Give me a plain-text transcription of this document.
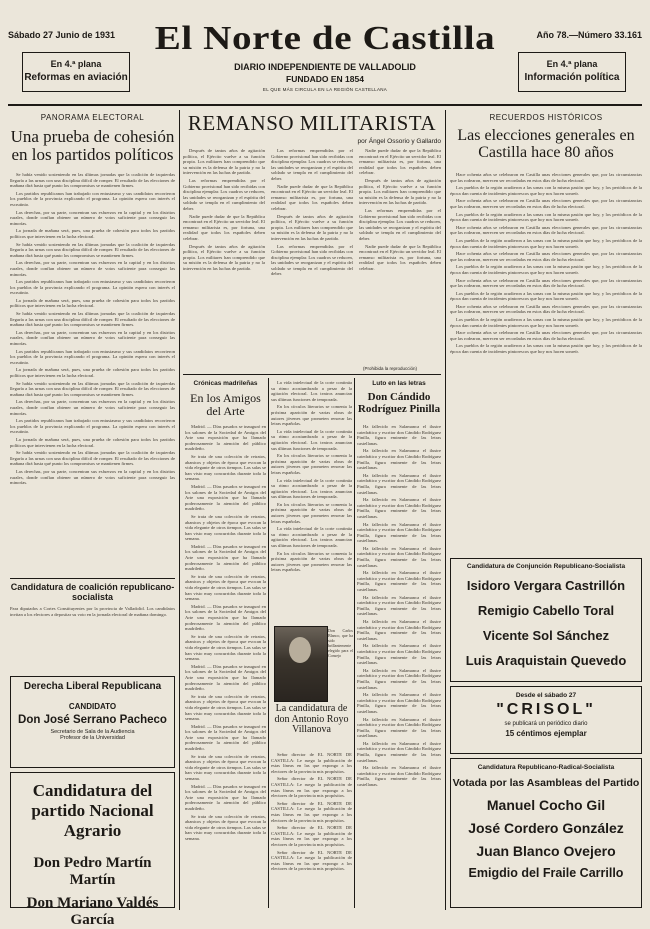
Sábado 27 Junio de 1931	Año 78.—Número 33.161
El Norte de Castilla
DIARIO INDEPENDIENTE DE VALLADOLID
FUNDADO EN 1854
EL QUE MÁS CIRCULA EN LA REGIÓN CASTELLANA
En 4.ª plana
Reformas en aviación
En 4.ª plana
Información política
PANORAMA ELECTORAL
Una prueba de cohesión en los partidos políticos

Se había venido sosteniendo en las últimas jornadas que la coalición de izquierdas llegaría a las urnas con una disciplina difícil de romper. El resultado de las elecciones de mañana dirá hasta qué punto los compromisos se mantienen firmes.

Los partidos republicanos han trabajado con entusiasmo y sus candidatos recorrieron los pueblos de la provincia explicando el programa. La opinión espera con interés el escrutinio.

Las derechas, por su parte, concentran sus esfuerzos en la capital y en los distritos rurales, donde confían obtener un número de votos suficiente para conseguir las minorías.

La jornada de mañana será, pues, una prueba de cohesión para todos los partidos políticos que intervienen en la lucha electoral.

Se había venido sosteniendo en las últimas jornadas que la coalición de izquierdas llegaría a las urnas con una disciplina difícil de romper. El resultado de las elecciones de mañana dirá hasta qué punto los compromisos se mantienen firmes.

Las derechas, por su parte, concentran sus esfuerzos en la capital y en los distritos rurales, donde confían obtener un número de votos suficiente para conseguir las minorías.

Los partidos republicanos han trabajado con entusiasmo y sus candidatos recorrieron los pueblos de la provincia explicando el programa. La opinión espera con interés el escrutinio.

La jornada de mañana será, pues, una prueba de cohesión para todos los partidos políticos que intervienen en la lucha electoral.

Se había venido sosteniendo en las últimas jornadas que la coalición de izquierdas llegaría a las urnas con una disciplina difícil de romper. El resultado de las elecciones de mañana dirá hasta qué punto los compromisos se mantienen firmes.

Las derechas, por su parte, concentran sus esfuerzos en la capital y en los distritos rurales, donde confían obtener un número de votos suficiente para conseguir las minorías.

Los partidos republicanos han trabajado con entusiasmo y sus candidatos recorrieron los pueblos de la provincia explicando el programa. La opinión espera con interés el escrutinio.

La jornada de mañana será, pues, una prueba de cohesión para todos los partidos políticos que intervienen en la lucha electoral.

Se había venido sosteniendo en las últimas jornadas que la coalición de izquierdas llegaría a las urnas con una disciplina difícil de romper. El resultado de las elecciones de mañana dirá hasta qué punto los compromisos se mantienen firmes.

Las derechas, por su parte, concentran sus esfuerzos en la capital y en los distritos rurales, donde confían obtener un número de votos suficiente para conseguir las minorías.

Los partidos republicanos han trabajado con entusiasmo y sus candidatos recorrieron los pueblos de la provincia explicando el programa. La opinión espera con interés el escrutinio.

La jornada de mañana será, pues, una prueba de cohesión para todos los partidos políticos que intervienen en la lucha electoral.

Se había venido sosteniendo en las últimas jornadas que la coalición de izquierdas llegaría a las urnas con una disciplina difícil de romper. El resultado de las elecciones de mañana dirá hasta qué punto los compromisos se mantienen firmes.

Las derechas, por su parte, concentran sus esfuerzos en la capital y en los distritos rurales, donde confían obtener un número de votos suficiente para conseguir las minorías.

Candidatura de coalición republicano-socialista
Para diputados a Cortes Constituyentes por la provincia de Valladolid. Los candidatos invitan a los electores a depositar su voto en la jornada electoral de mañana domingo.
Derecha Liberal Republicana
CANDIDATO
Don José Serrano Pacheco
Secretario de Sala de la Audiencia
Profesor de la Universidad
Candidatura del partido Nacional Agrario
Don Pedro Martín Martín
Don Mariano Valdés García
REMANSO MILITARISTA
por Ángel Ossorio y Gallardo

Después de tantos años de agitación política, el Ejército vuelve a su función propia. Los militares han comprendido que su misión es la defensa de la patria y no la intervención en las luchas de partido.

Las reformas emprendidas por el Gobierno provisional han sido recibidas con disciplina ejemplar. Los cuadros se reducen, las unidades se reorganizan y el espíritu del soldado se templa en el cumplimiento del deber.

Nadie puede dudar de que la República encontrará en el Ejército un servidor leal. El remanso militarista es, por fortuna, una realidad que todos los españoles deben celebrar.

Después de tantos años de agitación política, el Ejército vuelve a su función propia. Los militares han comprendido que su misión es la defensa de la patria y no la intervención en las luchas de partido.

Las reformas emprendidas por el Gobierno provisional han sido recibidas con disciplina ejemplar. Los cuadros se reducen, las unidades se reorganizan y el espíritu del soldado se templa en el cumplimiento del deber.

Nadie puede dudar de que la República encontrará en el Ejército un servidor leal. El remanso militarista es, por fortuna, una realidad que todos los españoles deben celebrar.

Después de tantos años de agitación política, el Ejército vuelve a su función propia. Los militares han comprendido que su misión es la defensa de la patria y no la intervención en las luchas de partido.

Las reformas emprendidas por el Gobierno provisional han sido recibidas con disciplina ejemplar. Los cuadros se reducen, las unidades se reorganizan y el espíritu del soldado se templa en el cumplimiento del deber.

Nadie puede dudar de que la República encontrará en el Ejército un servidor leal. El remanso militarista es, por fortuna, una realidad que todos los españoles deben celebrar.

Después de tantos años de agitación política, el Ejército vuelve a su función propia. Los militares han comprendido que su misión es la defensa de la patria y no la intervención en las luchas de partido.

Las reformas emprendidas por el Gobierno provisional han sido recibidas con disciplina ejemplar. Los cuadros se reducen, las unidades se reorganizan y el espíritu del soldado se templa en el cumplimiento del deber.

Nadie puede dudar de que la República encontrará en el Ejército un servidor leal. El remanso militarista es, por fortuna, una realidad que todos los españoles deben celebrar.

(Prohibida la reproducción)
Crónicas madrileñas
En los Amigos del Arte

Madrid. — Días pasados se inauguró en los salones de la Sociedad de Amigos del Arte una exposición que ha llamado poderosamente la atención del público madrileño.

Se trata de una colección de retratos, abanicos y objetos de época que evocan la vida elegante de otros tiempos. Las salas se han visto muy concurridas durante toda la semana.

Madrid. — Días pasados se inauguró en los salones de la Sociedad de Amigos del Arte una exposición que ha llamado poderosamente la atención del público madrileño.

Se trata de una colección de retratos, abanicos y objetos de época que evocan la vida elegante de otros tiempos. Las salas se han visto muy concurridas durante toda la semana.

Madrid. — Días pasados se inauguró en los salones de la Sociedad de Amigos del Arte una exposición que ha llamado poderosamente la atención del público madrileño.

Se trata de una colección de retratos, abanicos y objetos de época que evocan la vida elegante de otros tiempos. Las salas se han visto muy concurridas durante toda la semana.

Madrid. — Días pasados se inauguró en los salones de la Sociedad de Amigos del Arte una exposición que ha llamado poderosamente la atención del público madrileño.

Se trata de una colección de retratos, abanicos y objetos de época que evocan la vida elegante de otros tiempos. Las salas se han visto muy concurridas durante toda la semana.

Madrid. — Días pasados se inauguró en los salones de la Sociedad de Amigos del Arte una exposición que ha llamado poderosamente la atención del público madrileño.

Se trata de una colección de retratos, abanicos y objetos de época que evocan la vida elegante de otros tiempos. Las salas se han visto muy concurridas durante toda la semana.

Madrid. — Días pasados se inauguró en los salones de la Sociedad de Amigos del Arte una exposición que ha llamado poderosamente la atención del público madrileño.

Se trata de una colección de retratos, abanicos y objetos de época que evocan la vida elegante de otros tiempos. Las salas se han visto muy concurridas durante toda la semana.

Madrid. — Días pasados se inauguró en los salones de la Sociedad de Amigos del Arte una exposición que ha llamado poderosamente la atención del público madrileño.

Se trata de una colección de retratos, abanicos y objetos de época que evocan la vida elegante de otros tiempos. Las salas se han visto muy concurridas durante toda la semana.

La vida intelectual de la corte continúa su ritmo acostumbrado a pesar de la agitación electoral. Los teatros anuncian sus últimas funciones de temporada.

En los círculos literarios se comenta la próxima aparición de varias obras de autores jóvenes que prometen renovar las letras españolas.

La vida intelectual de la corte continúa su ritmo acostumbrado a pesar de la agitación electoral. Los teatros anuncian sus últimas funciones de temporada.

En los círculos literarios se comenta la próxima aparición de varias obras de autores jóvenes que prometen renovar las letras españolas.

La vida intelectual de la corte continúa su ritmo acostumbrado a pesar de la agitación electoral. Los teatros anuncian sus últimas funciones de temporada.

En los círculos literarios se comenta la próxima aparición de varias obras de autores jóvenes que prometen renovar las letras españolas.

La vida intelectual de la corte continúa su ritmo acostumbrado a pesar de la agitación electoral. Los teatros anuncian sus últimas funciones de temporada.

En los círculos literarios se comenta la próxima aparición de varias obras de autores jóvenes que prometen renovar las letras españolas.

Don Carlos Blanco, que ha sido brillantemente elegido para el Consejo
La candidatura de don Antonio Royo Villanova

Señor director de EL NORTE DE CASTILLA: Le ruego la publicación de estas líneas en las que expongo a los electores de la provincia mis propósitos.

Señor director de EL NORTE DE CASTILLA: Le ruego la publicación de estas líneas en las que expongo a los electores de la provincia mis propósitos.

Señor director de EL NORTE DE CASTILLA: Le ruego la publicación de estas líneas en las que expongo a los electores de la provincia mis propósitos.

Señor director de EL NORTE DE CASTILLA: Le ruego la publicación de estas líneas en las que expongo a los electores de la provincia mis propósitos.

Señor director de EL NORTE DE CASTILLA: Le ruego la publicación de estas líneas en las que expongo a los electores de la provincia mis propósitos.

Luto en las letras
Don Cándido Rodríguez Pinilla

Ha fallecido en Salamanca el ilustre catedrático y escritor don Cándido Rodríguez Pinilla, figura eminente de las letras castellanas.

Ha fallecido en Salamanca el ilustre catedrático y escritor don Cándido Rodríguez Pinilla, figura eminente de las letras castellanas.

Ha fallecido en Salamanca el ilustre catedrático y escritor don Cándido Rodríguez Pinilla, figura eminente de las letras castellanas.

Ha fallecido en Salamanca el ilustre catedrático y escritor don Cándido Rodríguez Pinilla, figura eminente de las letras castellanas.

Ha fallecido en Salamanca el ilustre catedrático y escritor don Cándido Rodríguez Pinilla, figura eminente de las letras castellanas.

Ha fallecido en Salamanca el ilustre catedrático y escritor don Cándido Rodríguez Pinilla, figura eminente de las letras castellanas.

Ha fallecido en Salamanca el ilustre catedrático y escritor don Cándido Rodríguez Pinilla, figura eminente de las letras castellanas.

Ha fallecido en Salamanca el ilustre catedrático y escritor don Cándido Rodríguez Pinilla, figura eminente de las letras castellanas.

Ha fallecido en Salamanca el ilustre catedrático y escritor don Cándido Rodríguez Pinilla, figura eminente de las letras castellanas.

Ha fallecido en Salamanca el ilustre catedrático y escritor don Cándido Rodríguez Pinilla, figura eminente de las letras castellanas.

Ha fallecido en Salamanca el ilustre catedrático y escritor don Cándido Rodríguez Pinilla, figura eminente de las letras castellanas.

Ha fallecido en Salamanca el ilustre catedrático y escritor don Cándido Rodríguez Pinilla, figura eminente de las letras castellanas.

Ha fallecido en Salamanca el ilustre catedrático y escritor don Cándido Rodríguez Pinilla, figura eminente de las letras castellanas.

Ha fallecido en Salamanca el ilustre catedrático y escritor don Cándido Rodríguez Pinilla, figura eminente de las letras castellanas.

Ha fallecido en Salamanca el ilustre catedrático y escritor don Cándido Rodríguez Pinilla, figura eminente de las letras castellanas.

RECUERDOS HISTÓRICOS
Las elecciones generales en Castilla hace 80 años

Hace ochenta años se celebraron en Castilla unas elecciones generales que, por las circunstancias que las rodearon, merecen ser recordadas en estos días de lucha electoral.

Los pueblos de la región acudieron a las urnas con la misma pasión que hoy, y los periódicos de la época dan cuenta de incidentes pintorescos que hoy nos hacen sonreír.

Hace ochenta años se celebraron en Castilla unas elecciones generales que, por las circunstancias que las rodearon, merecen ser recordadas en estos días de lucha electoral.

Los pueblos de la región acudieron a las urnas con la misma pasión que hoy, y los periódicos de la época dan cuenta de incidentes pintorescos que hoy nos hacen sonreír.

Hace ochenta años se celebraron en Castilla unas elecciones generales que, por las circunstancias que las rodearon, merecen ser recordadas en estos días de lucha electoral.

Los pueblos de la región acudieron a las urnas con la misma pasión que hoy, y los periódicos de la época dan cuenta de incidentes pintorescos que hoy nos hacen sonreír.

Hace ochenta años se celebraron en Castilla unas elecciones generales que, por las circunstancias que las rodearon, merecen ser recordadas en estos días de lucha electoral.

Los pueblos de la región acudieron a las urnas con la misma pasión que hoy, y los periódicos de la época dan cuenta de incidentes pintorescos que hoy nos hacen sonreír.

Hace ochenta años se celebraron en Castilla unas elecciones generales que, por las circunstancias que las rodearon, merecen ser recordadas en estos días de lucha electoral.

Los pueblos de la región acudieron a las urnas con la misma pasión que hoy, y los periódicos de la época dan cuenta de incidentes pintorescos que hoy nos hacen sonreír.

Hace ochenta años se celebraron en Castilla unas elecciones generales que, por las circunstancias que las rodearon, merecen ser recordadas en estos días de lucha electoral.

Los pueblos de la región acudieron a las urnas con la misma pasión que hoy, y los periódicos de la época dan cuenta de incidentes pintorescos que hoy nos hacen sonreír.

Hace ochenta años se celebraron en Castilla unas elecciones generales que, por las circunstancias que las rodearon, merecen ser recordadas en estos días de lucha electoral.

Los pueblos de la región acudieron a las urnas con la misma pasión que hoy, y los periódicos de la época dan cuenta de incidentes pintorescos que hoy nos hacen sonreír.

Candidatura de Conjunción Republicano-Socialista
Isidoro Vergara Castrillón
Remigio Cabello Toral
Vicente Sol Sánchez
Luis Araquistain Quevedo
Desde el sábado 27
"CRISOL"
se publicará un periódico diario
15 céntimos ejemplar
Candidatura Republicano-Radical-Socialista
Votada por las Asambleas del Partido
Manuel Cocho Gil
José Cordero González
Juan Blanco Ovejero
Emigdio del Fraile Carrillo
